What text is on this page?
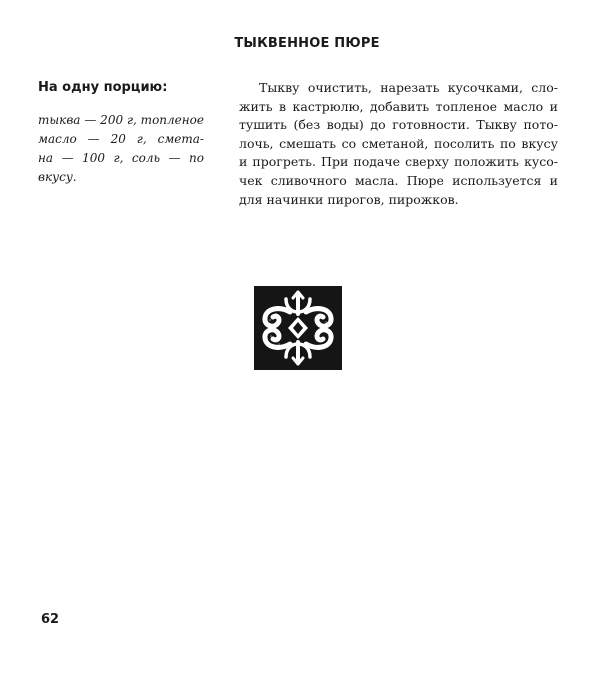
ТЫКВЕННОЕ ПЮРЕ
На одну порцию:
тыква — 200 г, топленое
масло — 20 г, смета-
на — 100 г, соль — по
вкусу.
Тыкву очистить, нарезать кусочками, сло-
жить в кастрюлю, добавить топленое масло и
тушить (без воды) до готовности. Тыкву пото-
лочь, смешать со сметаной, посолить по вкусу
и прогреть. При подаче сверху положить кусо-
чек сливочного масла. Пюре используется и
для начинки пирогов, пирожков.
62
